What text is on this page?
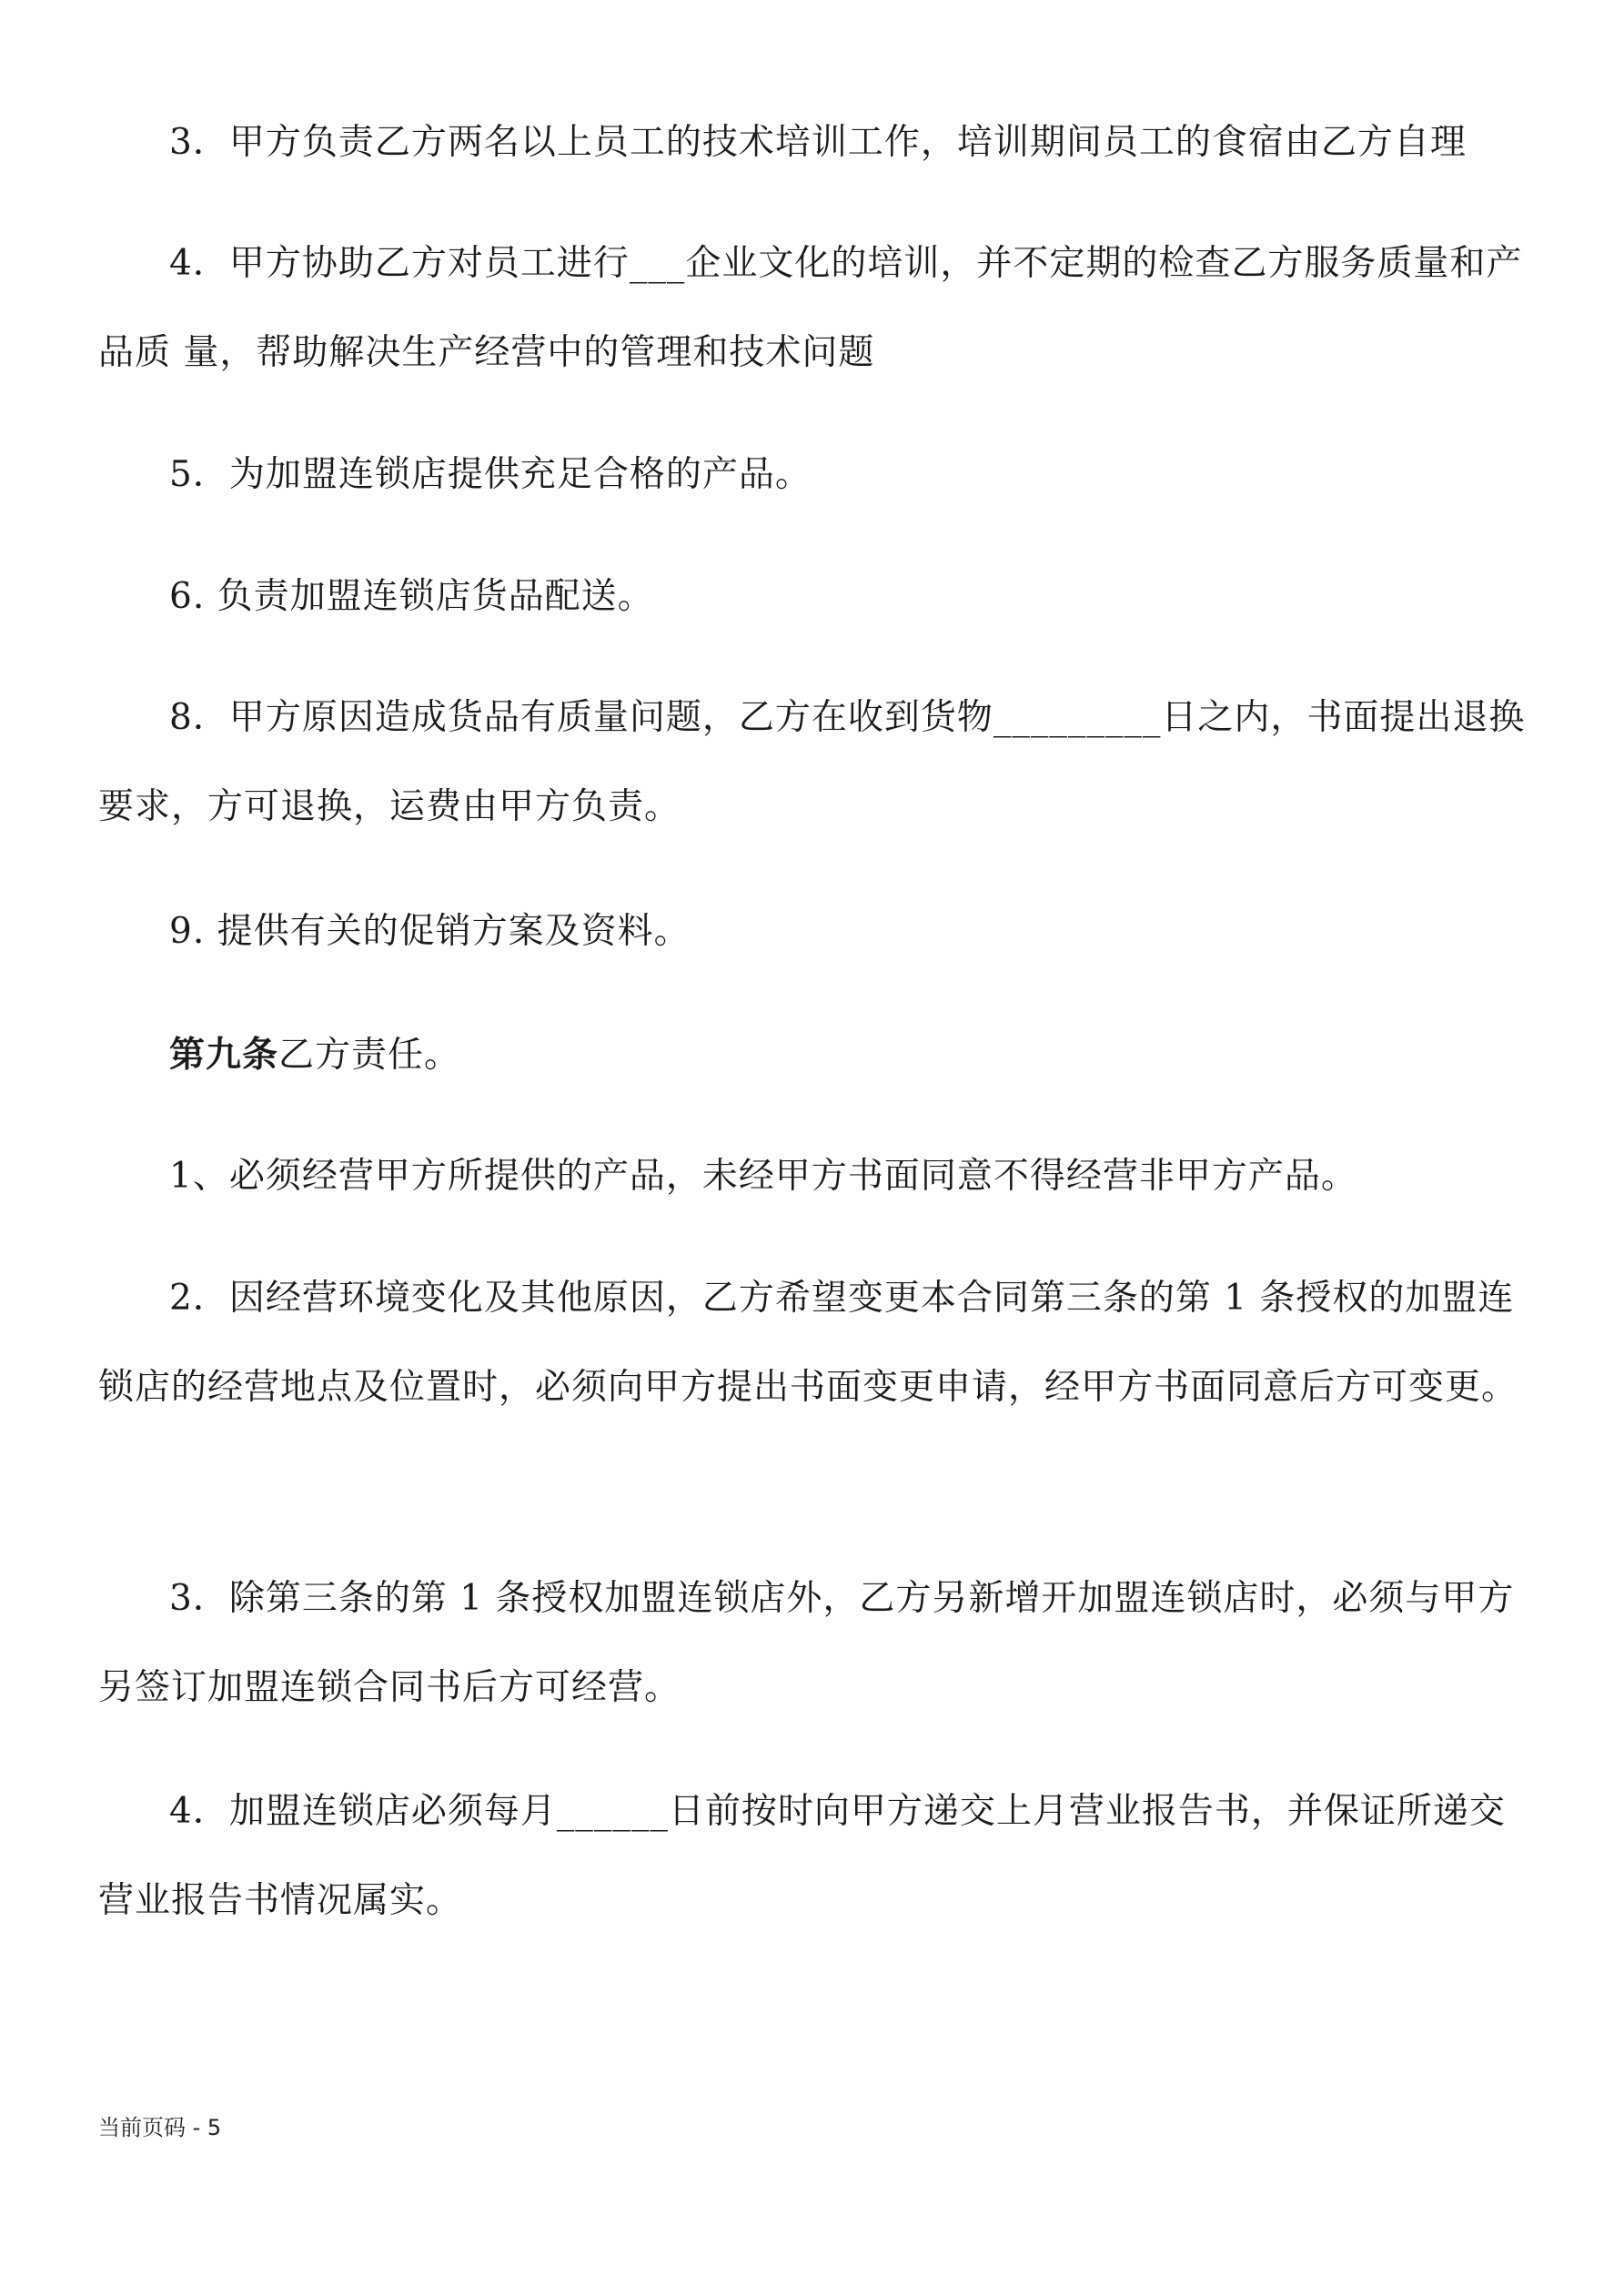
3．甲方负责乙方两名以上员工的技术培训工作，培训期间员工的食宿由乙方自理

4．甲方协助乙方对员工进行___企业文化的培训，并不定期的检查乙方服务质量和产品质 量，帮助解决生产经营中的管理和技术问题

5．为加盟连锁店提供充足合格的产品。

6. 负责加盟连锁店货品配送。

8．甲方原因造成货品有质量问题，乙方在收到货物_________日之内，书面提出退换要求，方可退换，运费由甲方负责。

9. 提供有关的促销方案及资料。

第九条乙方责任。

1、必须经营甲方所提供的产品，未经甲方书面同意不得经营非甲方产品。

2．因经营环境变化及其他原因，乙方希望变更本合同第三条的第 1 条授权的加盟连锁店的经营地点及位置时，必须向甲方提出书面变更申请，经甲方书面同意后方可变更。

3．除第三条的第 1 条授权加盟连锁店外，乙方另新增开加盟连锁店时，必须与甲方另签订加盟连锁合同书后方可经营。

4．加盟连锁店必须每月______日前按时向甲方递交上月营业报告书，并保证所递交营业报告书情况属实。

当前页码 - 5
